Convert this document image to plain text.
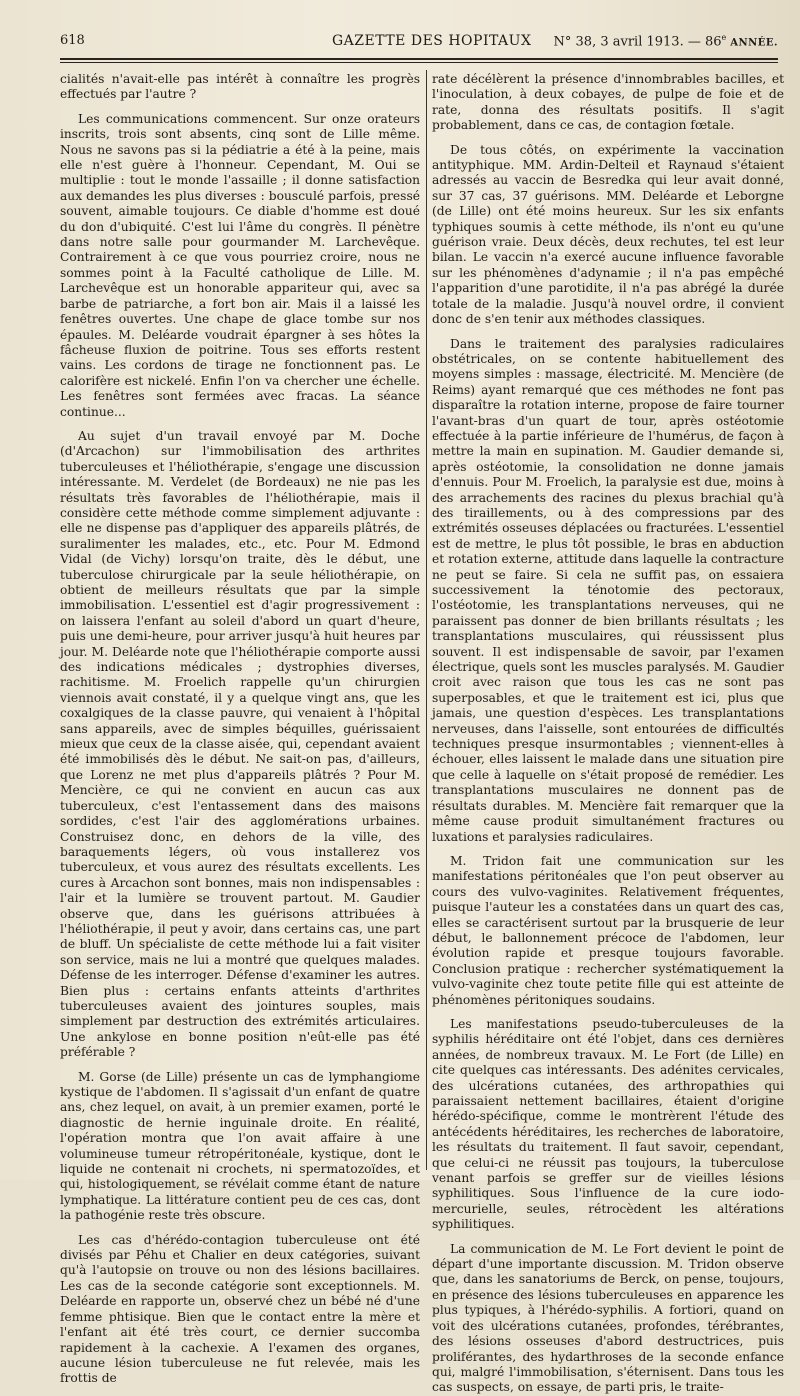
618	GAZETTE DES HOPITAUX N° 38, 3 avril 1913. — 86e ANNÉE.

cialités n'avait-elle pas intérêt à connaître les progrès effectués par l'autre ?

Les communications commencent. Sur onze orateurs inscrits, trois sont absents, cinq sont de Lille même. Nous ne savons pas si la pédiatrie a été à la peine, mais elle n'est guère à l'honneur. Cependant, M. Oui se multiplie : tout le monde l'assaille ; il donne satisfaction aux demandes les plus diverses : bousculé parfois, pressé souvent, aimable toujours. Ce diable d'homme est doué du don d'ubiquité. C'est lui l'âme du congrès. Il pénètre dans notre salle pour gourmander M. Larchevêque. Contrairement à ce que vous pourriez croire, nous ne sommes point à la Faculté catholique de Lille. M. Larchevêque est un honorable appariteur qui, avec sa barbe de patriarche, a fort bon air. Mais il a laissé les fenêtres ouvertes. Une chape de glace tombe sur nos épaules. M. Deléarde voudrait épargner à ses hôtes la fâcheuse fluxion de poitrine. Tous ses efforts restent vains. Les cordons de tirage ne fonctionnent pas. Le calorifère est nickelé. Enfin l'on va chercher une échelle. Les fenêtres sont fermées avec fracas. La séance continue...

Au sujet d'un travail envoyé par M. Doche (d'Arcachon) sur l'immobilisation des arthrites tuberculeuses et l'héliothérapie, s'engage une discussion intéressante. M. Verdelet (de Bordeaux) ne nie pas les résultats très favorables de l'héliothérapie, mais il considère cette méthode comme simplement adjuvante : elle ne dispense pas d'appliquer des appareils plâtrés, de suralimenter les malades, etc., etc. Pour M. Edmond Vidal (de Vichy) lorsqu'on traite, dès le début, une tuberculose chirurgicale par la seule héliothérapie, on obtient de meilleurs résultats que par la simple immobilisation. L'essentiel est d'agir progressivement : on laissera l'enfant au soleil d'abord un quart d'heure, puis une demi-heure, pour arriver jusqu'à huit heures par jour. M. Deléarde note que l'héliothérapie comporte aussi des indications médicales ; dystrophies diverses, rachitisme. M. Froelich rappelle qu'un chirurgien viennois avait constaté, il y a quelque vingt ans, que les coxalgiques de la classe pauvre, qui venaient à l'hôpital sans appareils, avec de simples béquilles, guérissaient mieux que ceux de la classe aisée, qui, cependant avaient été immobilisés dès le début. Ne sait-on pas, d'ailleurs, que Lorenz ne met plus d'appareils plâtrés ? Pour M. Mencière, ce qui ne convient en aucun cas aux tuberculeux, c'est l'entassement dans des maisons sordides, c'est l'air des agglomérations urbaines. Construisez donc, en dehors de la ville, des baraquements légers, où vous installerez vos tuberculeux, et vous aurez des résultats excellents. Les cures à Arcachon sont bonnes, mais non indispensables : l'air et la lumière se trouvent partout. M. Gaudier observe que, dans les guérisons attribuées à l'héliothérapie, il peut y avoir, dans certains cas, une part de bluff. Un spécialiste de cette méthode lui a fait visiter son service, mais ne lui a montré que quelques malades. Défense de les interroger. Défense d'examiner les autres. Bien plus : certains enfants atteints d'arthrites tuberculeuses avaient des jointures souples, mais simplement par destruction des extrémités articulaires. Une ankylose en bonne position n'eût-elle pas été préférable ?

M. Gorse (de Lille) présente un cas de lymphangiome kystique de l'abdomen. Il s'agissait d'un enfant de quatre ans, chez lequel, on avait, à un premier examen, porté le diagnostic de hernie inguinale droite. En réalité, l'opération montra que l'on avait affaire à une volumineuse tumeur rétropéritonéale, kystique, dont le liquide ne contenait ni crochets, ni spermatozoïdes, et qui, histologiquement, se révélait comme étant de nature lymphatique. La littérature contient peu de ces cas, dont la pathogénie reste très obscure.

Les cas d'hérédo-contagion tuberculeuse ont été divisés par Péhu et Chalier en deux catégories, suivant qu'à l'autopsie on trouve ou non des lésions bacillaires. Les cas de la seconde catégorie sont exceptionnels. M. Deléarde en rapporte un, observé chez un bébé né d'une femme phtisique. Bien que le contact entre la mère et l'enfant ait été très court, ce dernier succomba rapidement à la cachexie. A l'examen des organes, aucune lésion tuberculeuse ne fut relevée, mais les frottis de

rate décélèrent la présence d'innombrables bacilles, et l'inoculation, à deux cobayes, de pulpe de foie et de rate, donna des résultats positifs. Il s'agit probablement, dans ce cas, de contagion fœtale.

De tous côtés, on expérimente la vaccination antityphique. MM. Ardin-Delteil et Raynaud s'étaient adressés au vaccin de Besredka qui leur avait donné, sur 37 cas, 37 guérisons. MM. Deléarde et Leborgne (de Lille) ont été moins heureux. Sur les six enfants typhiques soumis à cette méthode, ils n'ont eu qu'une guérison vraie. Deux décès, deux rechutes, tel est leur bilan. Le vaccin n'a exercé aucune influence favorable sur les phénomènes d'adynamie ; il n'a pas empêché l'apparition d'une parotidite, il n'a pas abrégé la durée totale de la maladie. Jusqu'à nouvel ordre, il convient donc de s'en tenir aux méthodes classiques.

Dans le traitement des paralysies radiculaires obstétricales, on se contente habituellement des moyens simples : massage, électricité. M. Mencière (de Reims) ayant remarqué que ces méthodes ne font pas disparaître la rotation interne, propose de faire tourner l'avant-bras d'un quart de tour, après ostéotomie effectuée à la partie inférieure de l'humérus, de façon à mettre la main en supination. M. Gaudier demande si, après ostéotomie, la consolidation ne donne jamais d'ennuis. Pour M. Froelich, la paralysie est due, moins à des arrachements des racines du plexus brachial qu'à des tiraillements, ou à des compressions par des extrémités osseuses déplacées ou fracturées. L'essentiel est de mettre, le plus tôt possible, le bras en abduction et rotation externe, attitude dans laquelle la contracture ne peut se faire. Si cela ne suffit pas, on essaiera successivement la ténotomie des pectoraux, l'ostéotomie, les transplantations nerveuses, qui ne paraissent pas donner de bien brillants résultats ; les transplantations musculaires, qui réussissent plus souvent. Il est indispensable de savoir, par l'examen électrique, quels sont les muscles paralysés. M. Gaudier croit avec raison que tous les cas ne sont pas superposables, et que le traitement est ici, plus que jamais, une question d'espèces. Les transplantations nerveuses, dans l'aisselle, sont entourées de difficultés techniques presque insurmontables ; viennent-elles à échouer, elles laissent le malade dans une situation pire que celle à laquelle on s'était proposé de remédier. Les transplantations musculaires ne donnent pas de résultats durables. M. Mencière fait remarquer que la même cause produit simultanément fractures ou luxations et paralysies radiculaires.

M. Tridon fait une communication sur les manifestations péritonéales que l'on peut observer au cours des vulvo-vaginites. Relativement fréquentes, puisque l'auteur les a constatées dans un quart des cas, elles se caractérisent surtout par la brusquerie de leur début, le ballonnement précoce de l'abdomen, leur évolution rapide et presque toujours favorable. Conclusion pratique : rechercher systématiquement la vulvo-vaginite chez toute petite fille qui est atteinte de phénomènes péritoniques soudains.

Les manifestations pseudo-tuberculeuses de la syphilis héréditaire ont été l'objet, dans ces dernières années, de nombreux travaux. M. Le Fort (de Lille) en cite quelques cas intéressants. Des adénites cervicales, des ulcérations cutanées, des arthropathies qui paraissaient nettement bacillaires, étaient d'origine hérédo-spécifique, comme le montrèrent l'étude des antécédents héréditaires, les recherches de laboratoire, les résultats du traitement. Il faut savoir, cependant, que celui-ci ne réussit pas toujours, la tuberculose venant parfois se greffer sur de vieilles lésions syphilitiques. Sous l'influence de la cure iodo-mercurielle, seules, rétrocèdent les altérations syphilitiques.

La communication de M. Le Fort devient le point de départ d'une importante discussion. M. Tridon observe que, dans les sanatoriums de Berck, on pense, toujours, en présence des lésions tuberculeuses en apparence les plus typiques, à l'hérédo-syphilis. A fortiori, quand on voit des ulcérations cutanées, profondes, térébrantes, des lésions osseuses d'abord destructrices, puis proliférantes, des hydarthroses de la seconde enfance qui, malgré l'immobilisation, s'éternisent. Dans tous les cas suspects, on essaye, de parti pris, le traite-
